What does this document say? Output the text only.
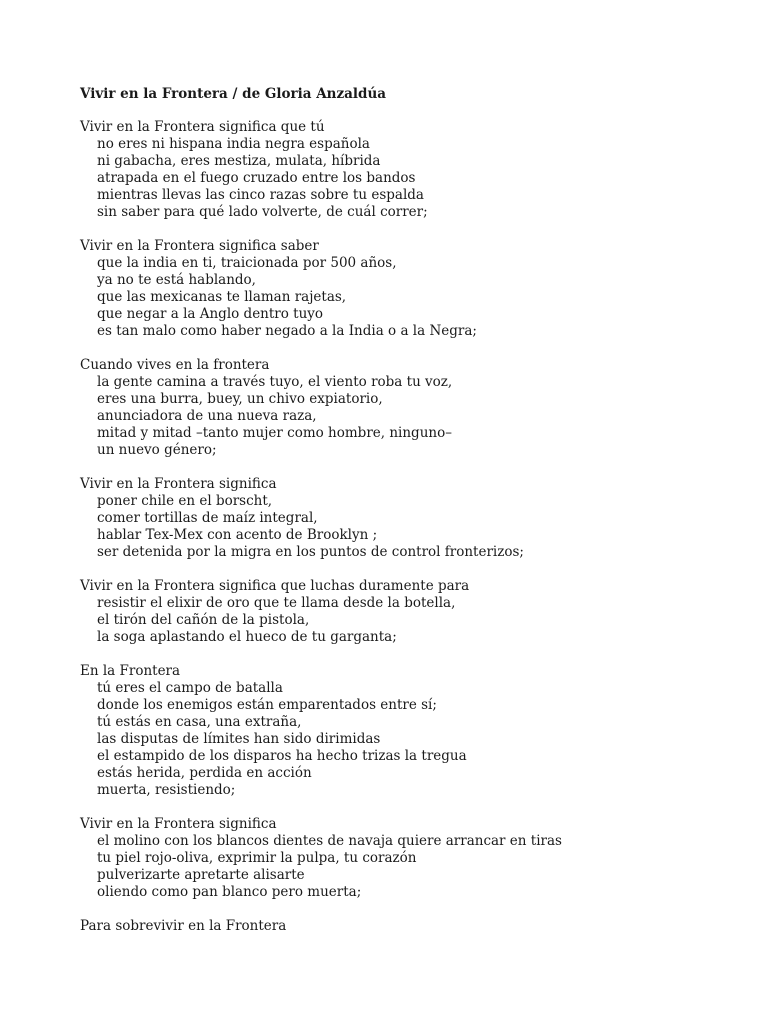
Vivir en la Frontera / de Gloria Anzaldúa
Vivir en la Frontera significa que tú
no eres ni hispana india negra española
ni gabacha, eres mestiza, mulata, híbrida
atrapada en el fuego cruzado entre los bandos
mientras llevas las cinco razas sobre tu espalda
sin saber para qué lado volverte, de cuál correr;
Vivir en la Frontera significa saber
que la india en ti, traicionada por 500 años,
ya no te está hablando,
que las mexicanas te llaman rajetas,
que negar a la Anglo dentro tuyo
es tan malo como haber negado a la India o a la Negra;
Cuando vives en la frontera
la gente camina a través tuyo, el viento roba tu voz,
eres una burra, buey, un chivo expiatorio,
anunciadora de una nueva raza,
mitad y mitad –tanto mujer como hombre, ninguno–
un nuevo género;
Vivir en la Frontera significa
poner chile en el borscht,
comer tortillas de maíz integral,
hablar Tex-Mex con acento de Brooklyn ;
ser detenida por la migra en los puntos de control fronterizos;
Vivir en la Frontera significa que luchas duramente para
resistir el elixir de oro que te llama desde la botella,
el tirón del cañón de la pistola,
la soga aplastando el hueco de tu garganta;
En la Frontera
tú eres el campo de batalla
donde los enemigos están emparentados entre sí;
tú estás en casa, una extraña,
las disputas de límites han sido dirimidas
el estampido de los disparos ha hecho trizas la tregua
estás herida, perdida en acción
muerta, resistiendo;
Vivir en la Frontera significa
el molino con los blancos dientes de navaja quiere arrancar en tiras
tu piel rojo-oliva, exprimir la pulpa, tu corazón
pulverizarte apretarte alisarte
oliendo como pan blanco pero muerta;
Para sobrevivir en la Frontera
